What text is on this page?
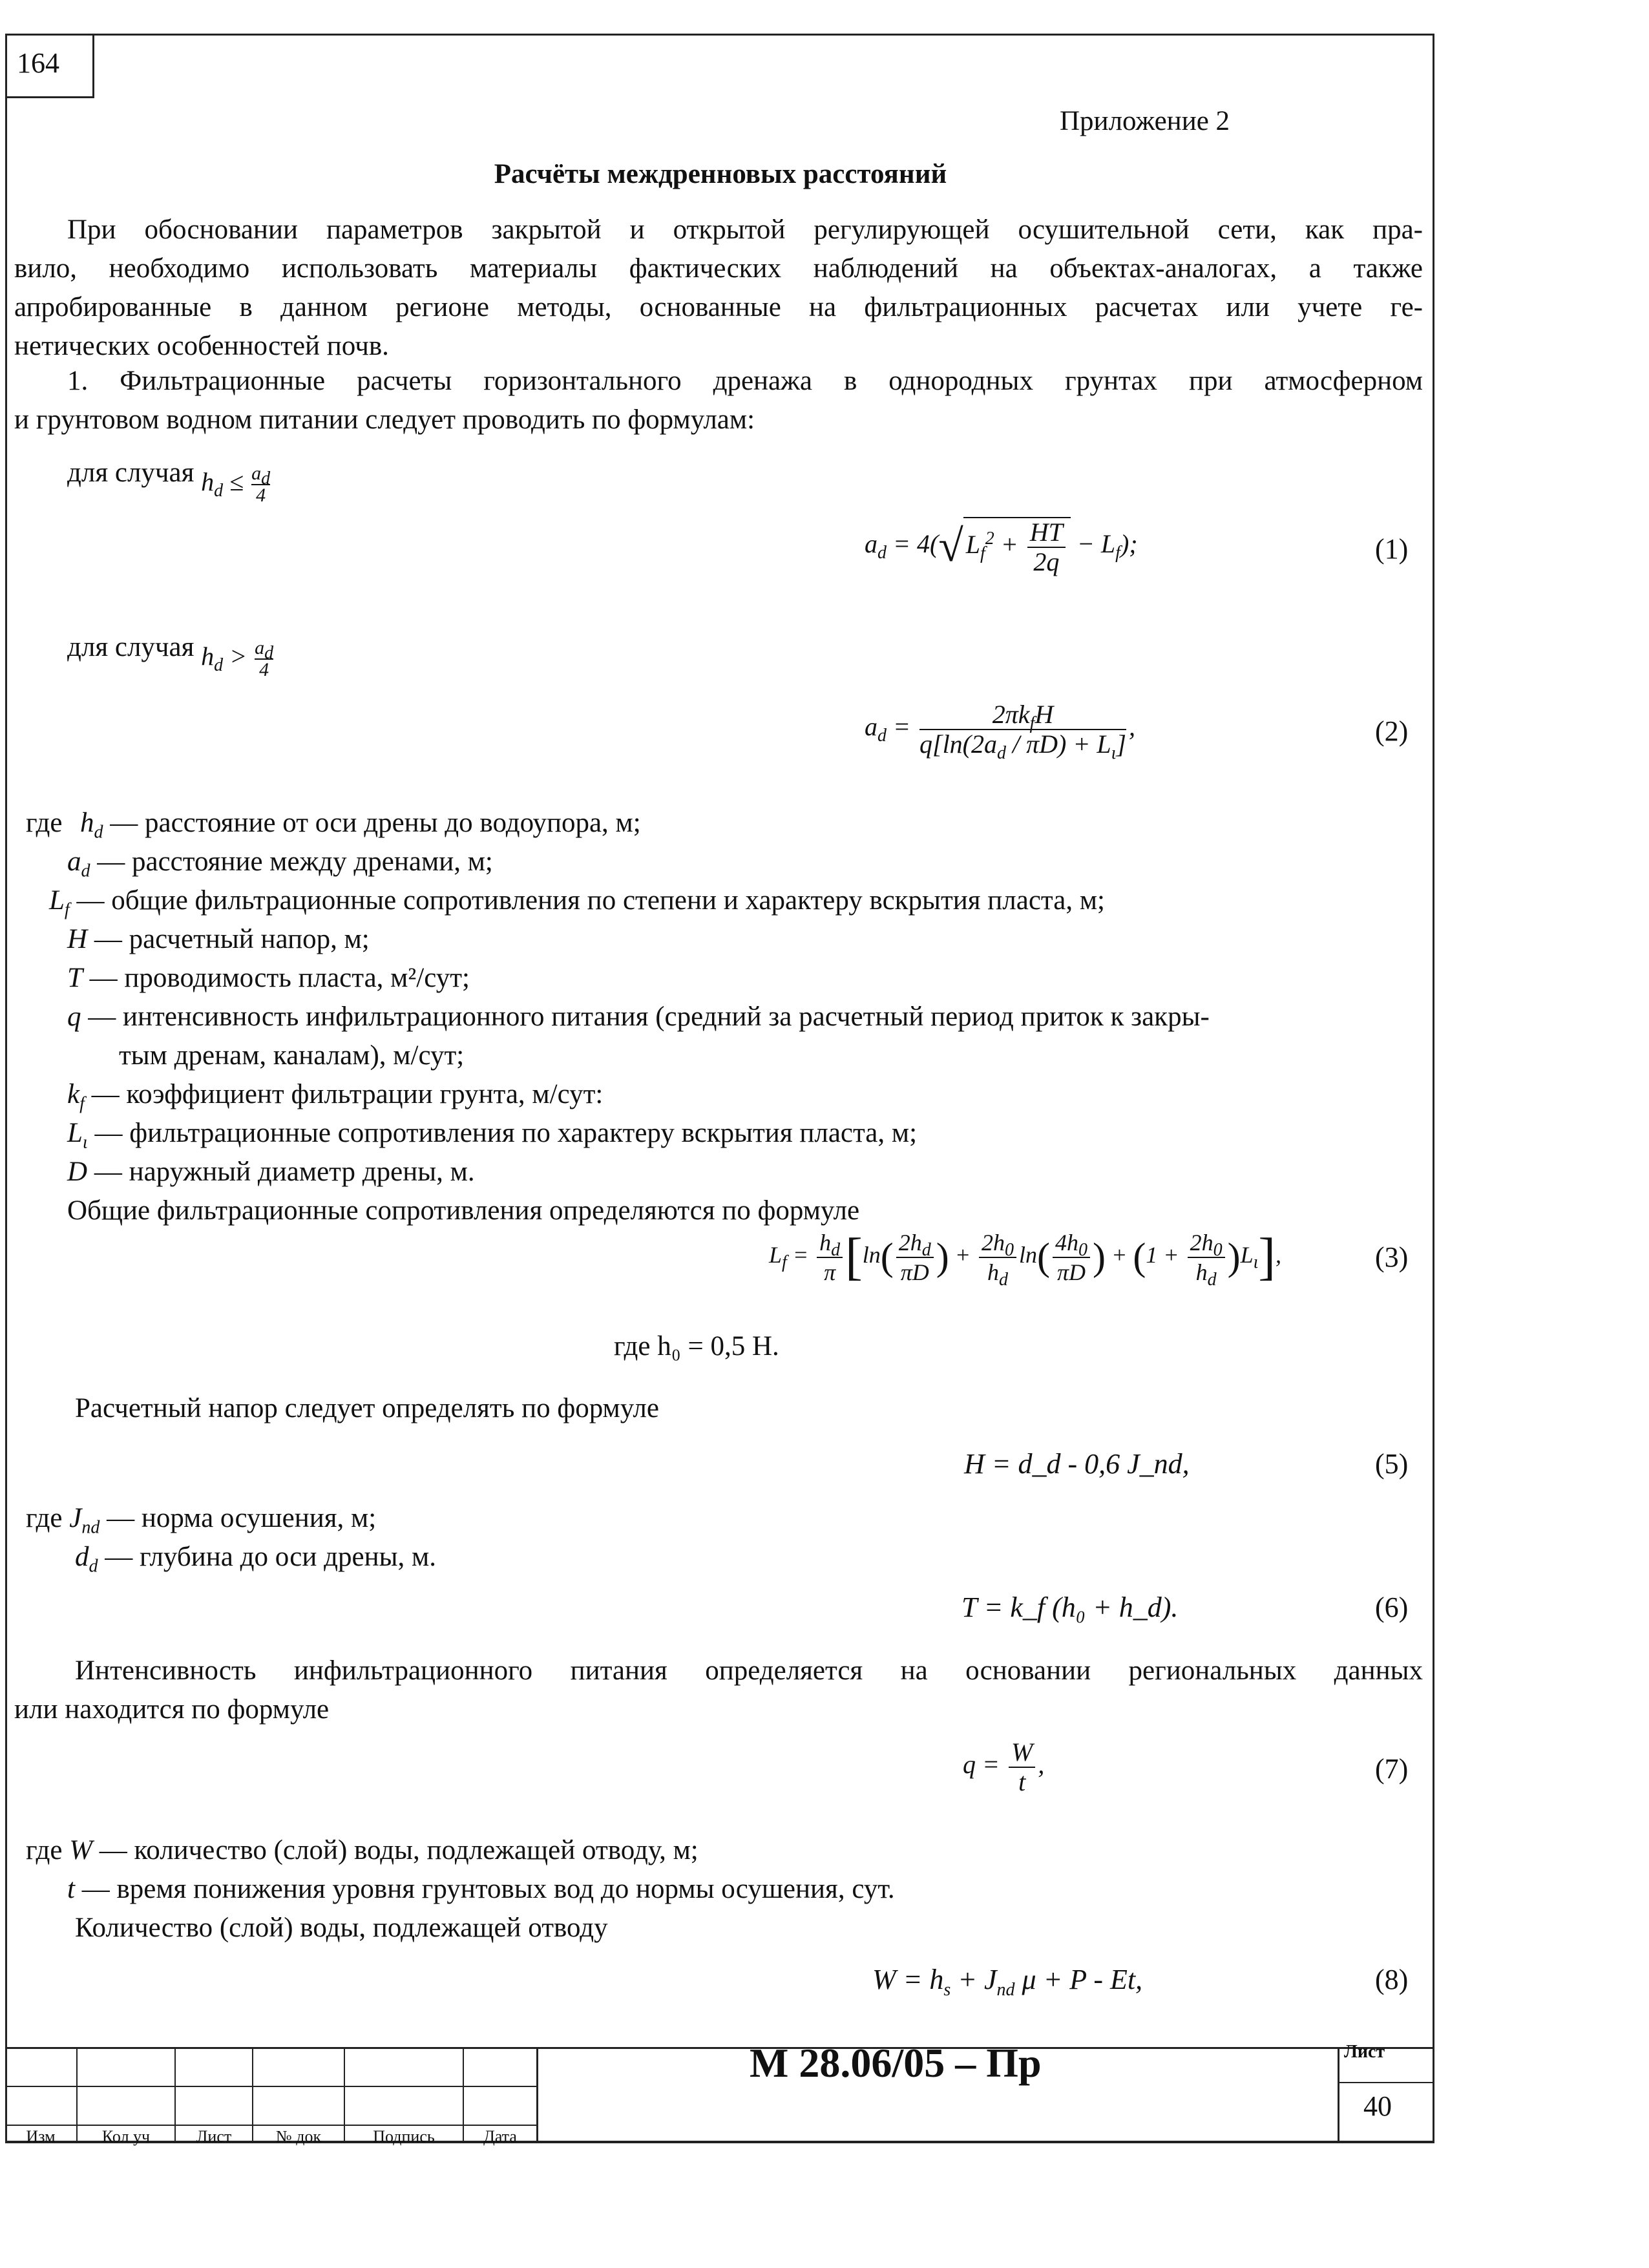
164
Приложение 2
Расчёты междренновых расстояний
При обосновании параметров закрытой и открытой регулирующей осушительной сети, как пра-
вило, необходимо использовать материалы фактических наблюдений на объектах-аналогах, а также
апробированные в данном регионе методы, основанные на фильтрационных расчетах или учете ге-
нетических особенностей почв.
1. Фильтрационные расчеты горизонтального дренажа в однородных грунтах при атмосферном
и грунтовом водном питании следует проводить по формулам:
для случая $h_d \le \frac{a_d}{4}$
$a_d = 4(√$ $L_f^2 + \frac{HT}{2q} - L_f$);	(1)
для случая $h_d > \frac{a_d}{4}$
$a_d = \frac{2\pi k_fH}{q[\ln(2a_d / \pi D) + L_\iota]}$ ,	(2)
где $h_d$ — расстояние от оси дрены до водоупора, м;
$a_d$ — расстояние между дренами, м;
$L_f$ — общие фильтрационные сопротивления по степени и характеру вскрытия пласта, м;
H — расчетный напор, м;
T — проводимость пласта, м²/сут;
q — интенсивность инфильтрационного питания (средний за расчетный период приток к закры-
тым дренам, каналам), м/сут;
$k_f$ — коэффициент фильтрации грунта, м/сут:
$L_\iota$ — фильтрационные сопротивления по характеру вскрытия пласта, м;
D — наружный диаметр дрены, м.
Общие фильтрационные сопротивления определяются по формуле
$L_f = \frac{h_d}{\pi} [\ln( \frac{2h_d}{\pi D}$ ) + $\frac{2h_0}{h_d} \ln( \frac{4h_0}{\pi D}$ ) + $(1 + \frac{2h_0}{h_d} )L_\iota$],	(3)
где h₀ = 0,5 H.
Расчетный напор следует определять по формуле
H = d_d - 0,6 J_nd,	(5)
где $J_{nd}$ — норма осушения, м;
$d_d$ — глубина до оси дрены, м.
T = k_f (h₀ + h_d).	(6)
Интенсивность инфильтрационного питания определяется на основании региональных данных
или находится по формуле
$q = \frac{W}{t}$ ,	(7)
где W — количество (слой) воды, подлежащей отводу, м;
t — время понижения уровня грунтовых вод до нормы осушения, сут.
Количество (слой) воды, подлежащей отводу
$W = h_s + J_{nd}$ μ + P - Et,	(8)
Изм	Кол уч	Лист	№ док	Подпись	Дата
М 28.06/05 – Пр	Лист
40
